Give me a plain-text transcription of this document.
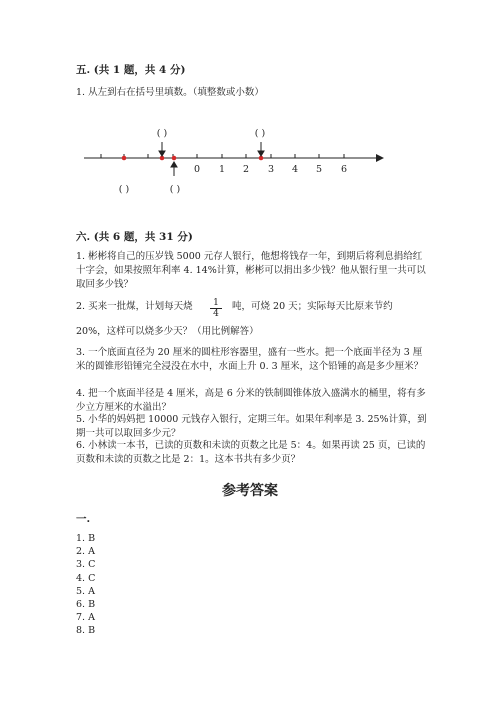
五. (共 1 题，共 4 分)
1. 从左到右在括号里填数。（填整数或小数）
0 1 2 3 4 5 6
( )	( )
( )	( )
六. (共 6 题，共 31 分)
1. 彬彬将自己的压岁钱 5000 元存人银行，他想将钱存一年，到期后将利息捐给红十字会，如果按照年利率 4. 14%计算，彬彬可以捐出多少钱？他从银行里一共可以取回多少钱？
2. 买来一批煤，计划每天烧 $\frac{1}{4}$ 吨，可烧 20 天；实际每天比原来节约
20%，这样可以烧多少天？（用比例解答）
3. 一个底面直径为 20 厘米的圆柱形容器里，盛有一些水。把一个底面半径为 3 厘米的圆锥形铅锤完全浸没在水中，水面上升 0. 3 厘米，这个铅锤的高是多少厘米？
4. 把一个底面半径是 4 厘米，高是 6 分米的铁制圆锥体放入盛满水的桶里，将有多少立方厘米的水溢出？
5. 小华的妈妈把 10000 元钱存入银行，定期三年。如果年利率是 3. 25%计算，到期一共可以取回多少元？
6. 小林读一本书，已读的页数和未读的页数之比是 5：4。如果再读 25 页，已读的页数和未读的页数之比是 2：1。这本书共有多少页？
参考答案
一.
1. B
2. A
3. C
4. C
5. A
6. B
7. A
8. B
